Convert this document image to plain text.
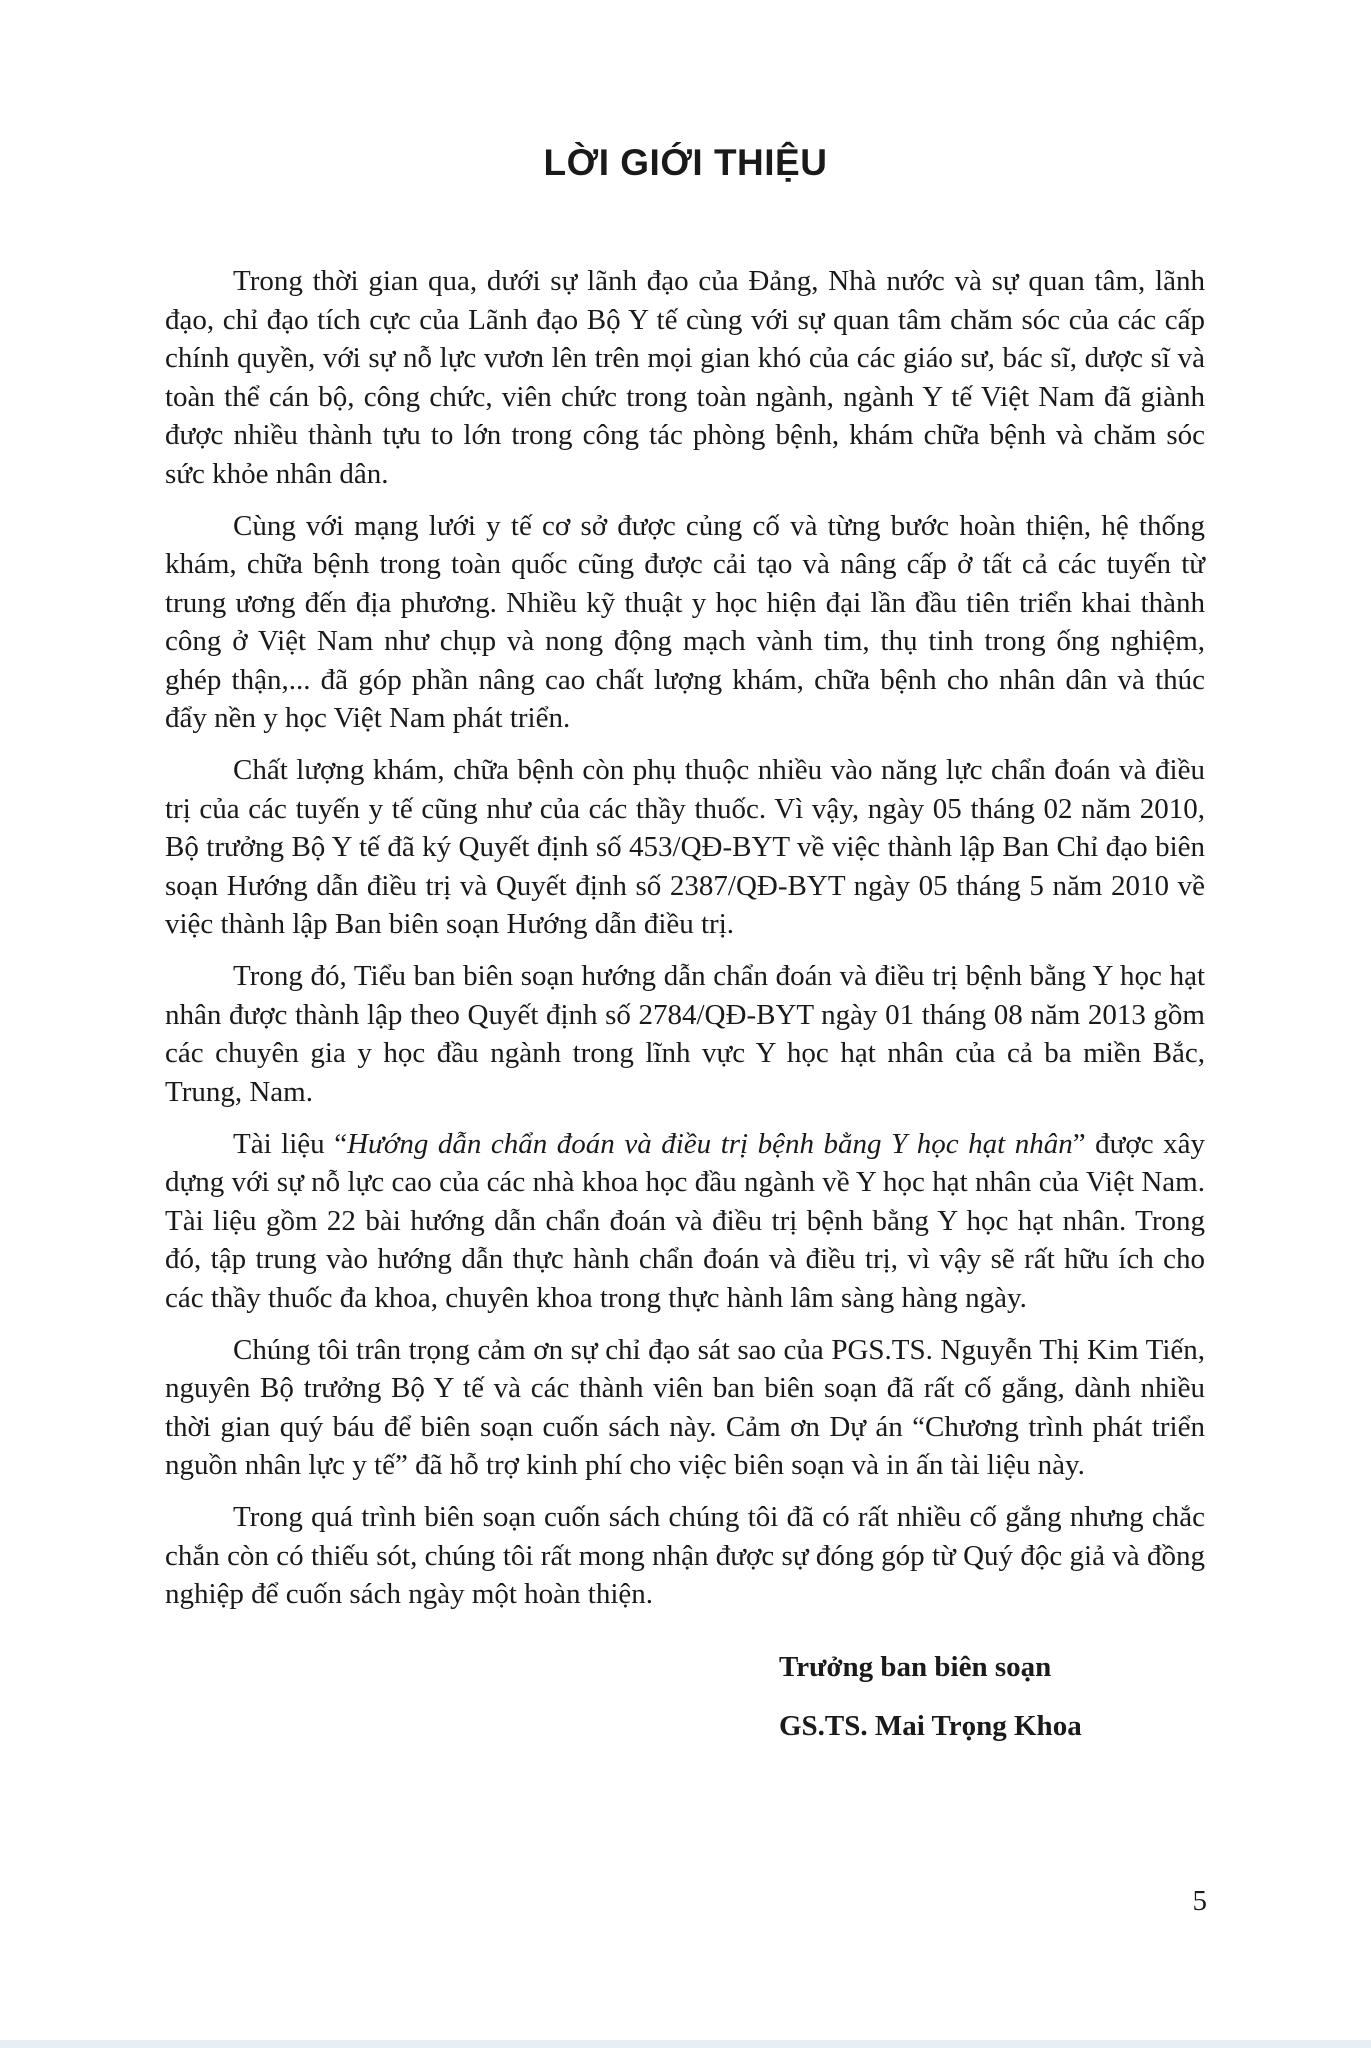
LỜI GIỚI THIỆU

Trong thời gian qua, dưới sự lãnh đạo của Đảng, Nhà nước và sự quan tâm, lãnh đạo, chỉ đạo tích cực của Lãnh đạo Bộ Y tế cùng với sự quan tâm chăm sóc của các cấp chính quyền, với sự nỗ lực vươn lên trên mọi gian khó của các giáo sư, bác sĩ, dược sĩ và toàn thể cán bộ, công chức, viên chức trong toàn ngành, ngành Y tế Việt Nam đã giành được nhiều thành tựu to lớn trong công tác phòng bệnh, khám chữa bệnh và chăm sóc sức khỏe nhân dân.

Cùng với mạng lưới y tế cơ sở được củng cố và từng bước hoàn thiện, hệ thống khám, chữa bệnh trong toàn quốc cũng được cải tạo và nâng cấp ở tất cả các tuyến từ trung ương đến địa phương. Nhiều kỹ thuật y học hiện đại lần đầu tiên triển khai thành công ở Việt Nam như chụp và nong động mạch vành tim, thụ tinh trong ống nghiệm, ghép thận,... đã góp phần nâng cao chất lượng khám, chữa bệnh cho nhân dân và thúc đẩy nền y học Việt Nam phát triển.

Chất lượng khám, chữa bệnh còn phụ thuộc nhiều vào năng lực chẩn đoán và điều trị của các tuyến y tế cũng như của các thầy thuốc. Vì vậy, ngày 05 tháng 02 năm 2010, Bộ trưởng Bộ Y tế đã ký Quyết định số 453/QĐ-BYT về việc thành lập Ban Chỉ đạo biên soạn Hướng dẫn điều trị và Quyết định số 2387/QĐ-BYT ngày 05 tháng 5 năm 2010 về việc thành lập Ban biên soạn Hướng dẫn điều trị.

Trong đó, Tiểu ban biên soạn hướng dẫn chẩn đoán và điều trị bệnh bằng Y học hạt nhân được thành lập theo Quyết định số 2784/QĐ-BYT ngày 01 tháng 08 năm 2013 gồm các chuyên gia y học đầu ngành trong lĩnh vực Y học hạt nhân của cả ba miền Bắc, Trung, Nam.

Tài liệu “Hướng dẫn chẩn đoán và điều trị bệnh bằng Y học hạt nhân” được xây dựng với sự nỗ lực cao của các nhà khoa học đầu ngành về Y học hạt nhân của Việt Nam. Tài liệu gồm 22 bài hướng dẫn chẩn đoán và điều trị bệnh bằng Y học hạt nhân. Trong đó, tập trung vào hướng dẫn thực hành chẩn đoán và điều trị, vì vậy sẽ rất hữu ích cho các thầy thuốc đa khoa, chuyên khoa trong thực hành lâm sàng hàng ngày.

Chúng tôi trân trọng cảm ơn sự chỉ đạo sát sao của PGS.TS. Nguyễn Thị Kim Tiến, nguyên Bộ trưởng Bộ Y tế và các thành viên ban biên soạn đã rất cố gắng, dành nhiều thời gian quý báu để biên soạn cuốn sách này. Cảm ơn Dự án “Chương trình phát triển nguồn nhân lực y tế” đã hỗ trợ kinh phí cho việc biên soạn và in ấn tài liệu này.

Trong quá trình biên soạn cuốn sách chúng tôi đã có rất nhiều cố gắng nhưng chắc chắn còn có thiếu sót, chúng tôi rất mong nhận được sự đóng góp từ Quý độc giả và đồng nghiệp để cuốn sách ngày một hoàn thiện.

Trưởng ban biên soạn
GS.TS. Mai Trọng Khoa
5
